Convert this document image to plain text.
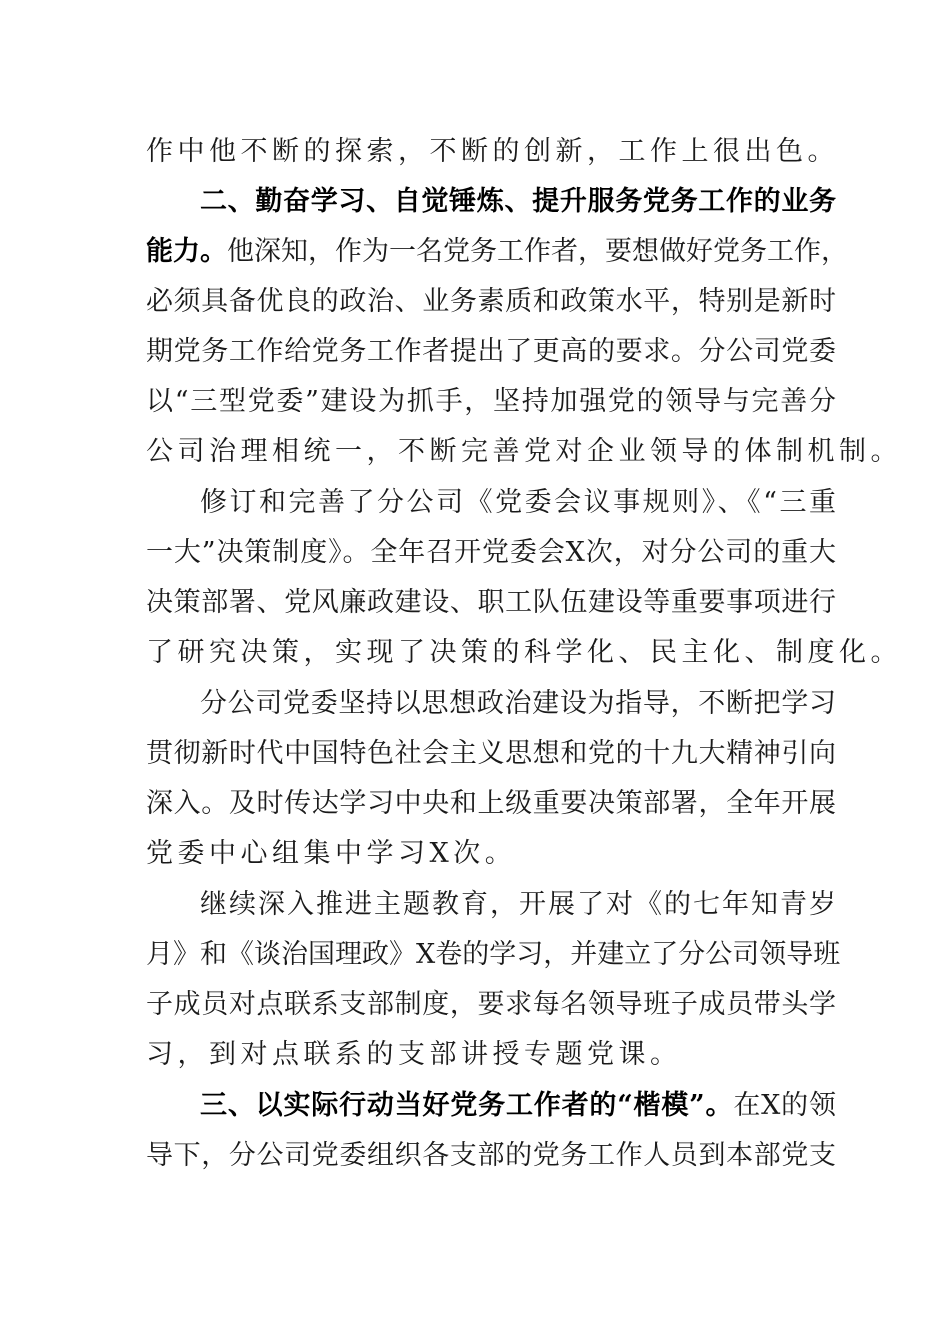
作中他不断的探索，不断的创新，工作上很出色。
二、勤奋学习、自觉锤炼、提升服务党务工作的业务
能力。他深知，作为一名党务工作者，要想做好党务工作，
必须具备优良的政治、业务素质和政策水平，特别是新时
期党务工作给党务工作者提出了更高的要求。分公司党委
以“三型党委”建设为抓手，坚持加强党的领导与完善分
公司治理相统一，不断完善党对企业领导的体制机制。
修订和完善了分公司《党委会议事规则》、《“三重
一大”决策制度》。全年召开党委会X次，对分公司的重大
决策部署、党风廉政建设、职工队伍建设等重要事项进行
了研究决策，实现了决策的科学化、民主化、制度化。
分公司党委坚持以思想政治建设为指导，不断把学习
贯彻新时代中国特色社会主义思想和党的十九大精神引向
深入。及时传达学习中央和上级重要决策部署，全年开展
党委中心组集中学习X次。
继续深入推进主题教育，开展了对《的七年知青岁
月》和《谈治国理政》X卷的学习，并建立了分公司领导班
子成员对点联系支部制度，要求每名领导班子成员带头学
习，到对点联系的支部讲授专题党课。
三、以实际行动当好党务工作者的“楷模”。在X的领
导下，分公司党委组织各支部的党务工作人员到本部党支
